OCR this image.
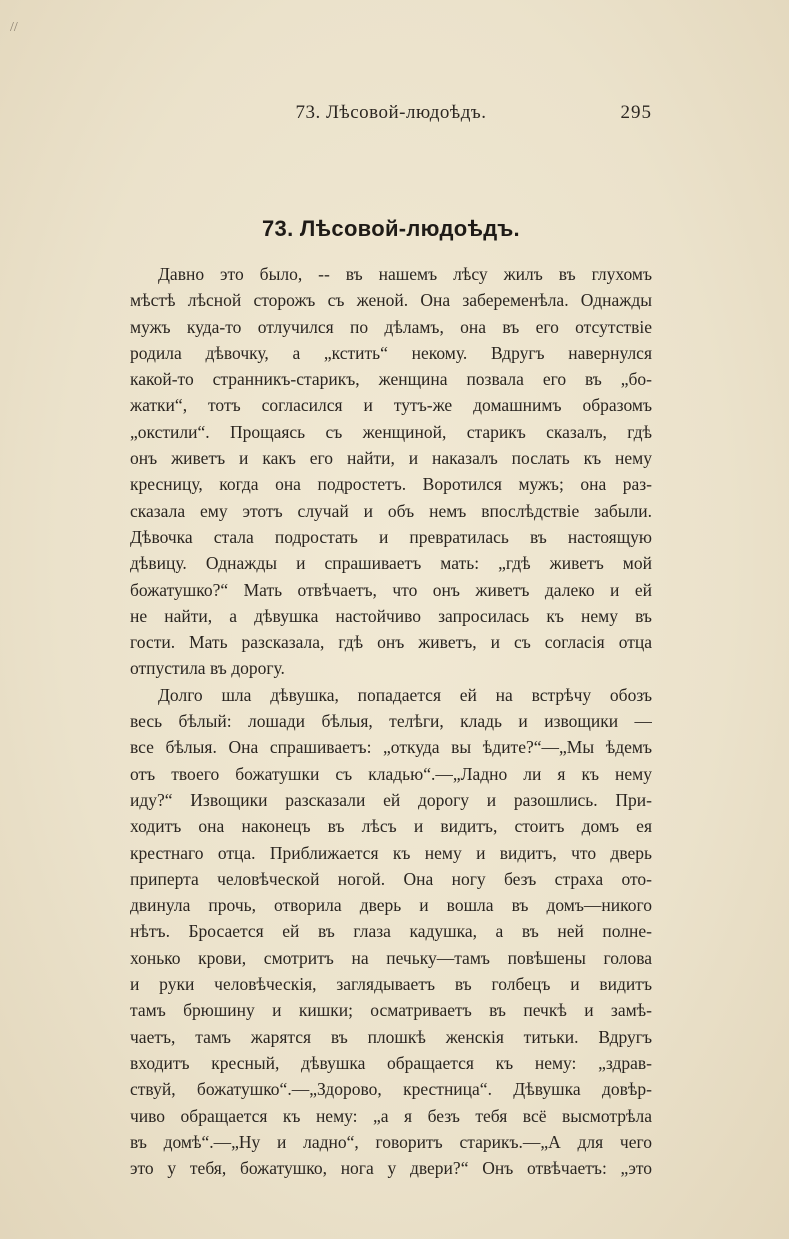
//
73. Лѣсовой-людоѣдъ.	295
73. Лѣсовой-людоѣдъ.
Давно это было, -- въ нашемъ лѣсу жилъ въ глухомъ
мѣстѣ лѣсной сторожъ съ женой. Она забеременѣла. Однажды
мужъ куда-то отлучился по дѣламъ, она въ его отсутствіе
родила дѣвочку, а „кстить“ некому. Вдругъ навернулся
какой-то странникъ-старикъ, женщина позвала его въ „бо-
жатки“, тотъ согласился и тутъ-же домашнимъ образомъ
„окстили“. Прощаясь съ женщиной, старикъ сказалъ, гдѣ
онъ живетъ и какъ его найти, и наказалъ послать къ нему
кресницу, когда она подростетъ. Воротился мужъ; она раз-
сказала ему этотъ случай и объ немъ впослѣдствіе забыли.
Дѣвочка стала подростать и превратилась въ настоящую
дѣвицу. Однажды и спрашиваетъ мать: „гдѣ живетъ мой
божатушко?“ Мать отвѣчаетъ, что онъ живетъ далеко и ей
не найти, а дѣвушка настойчиво запросилась къ нему въ
гости. Мать разсказала, гдѣ онъ живетъ, и съ согласія отца
отпустила въ дорогу.
Долго шла дѣвушка, попадается ей на встрѣчу обозъ
весь бѣлый: лошади бѣлыя, телѣги, кладь и извощики —
все бѣлыя. Она спрашиваетъ: „откуда вы ѣдите?“—„Мы ѣдемъ
отъ твоего божатушки съ кладью“.—„Ладно ли я къ нему
иду?“ Извощики разсказали ей дорогу и разошлись. При-
ходитъ она наконецъ въ лѣсъ и видитъ, стоитъ домъ ея
крестнаго отца. Приближается къ нему и видитъ, что дверь
приперта человѣческой ногой. Она ногу безъ страха ото-
двинула прочь, отворила дверь и вошла въ домъ—никого
нѣтъ. Бросается ей въ глаза кадушка, а въ ней полне-
хонько крови, смотритъ на печьку—тамъ повѣшены голова
и руки человѣческія, заглядываетъ въ голбецъ и видитъ
тамъ брюшину и кишки; осматриваетъ въ печкѣ и замѣ-
чаетъ, тамъ жарятся въ плошкѣ женскія титьки. Вдругъ
входитъ кресный, дѣвушка обращается къ нему: „здрав-
ствуй, божатушко“.—„Здорово, крестница“. Дѣвушка довѣр-
чиво обращается къ нему: „а я безъ тебя всё высмотрѣла
въ домѣ“.—„Ну и ладно“, говоритъ старикъ.—„А для чего
это у тебя, божатушко, нога у двери?“ Онъ отвѣчаетъ: „это
